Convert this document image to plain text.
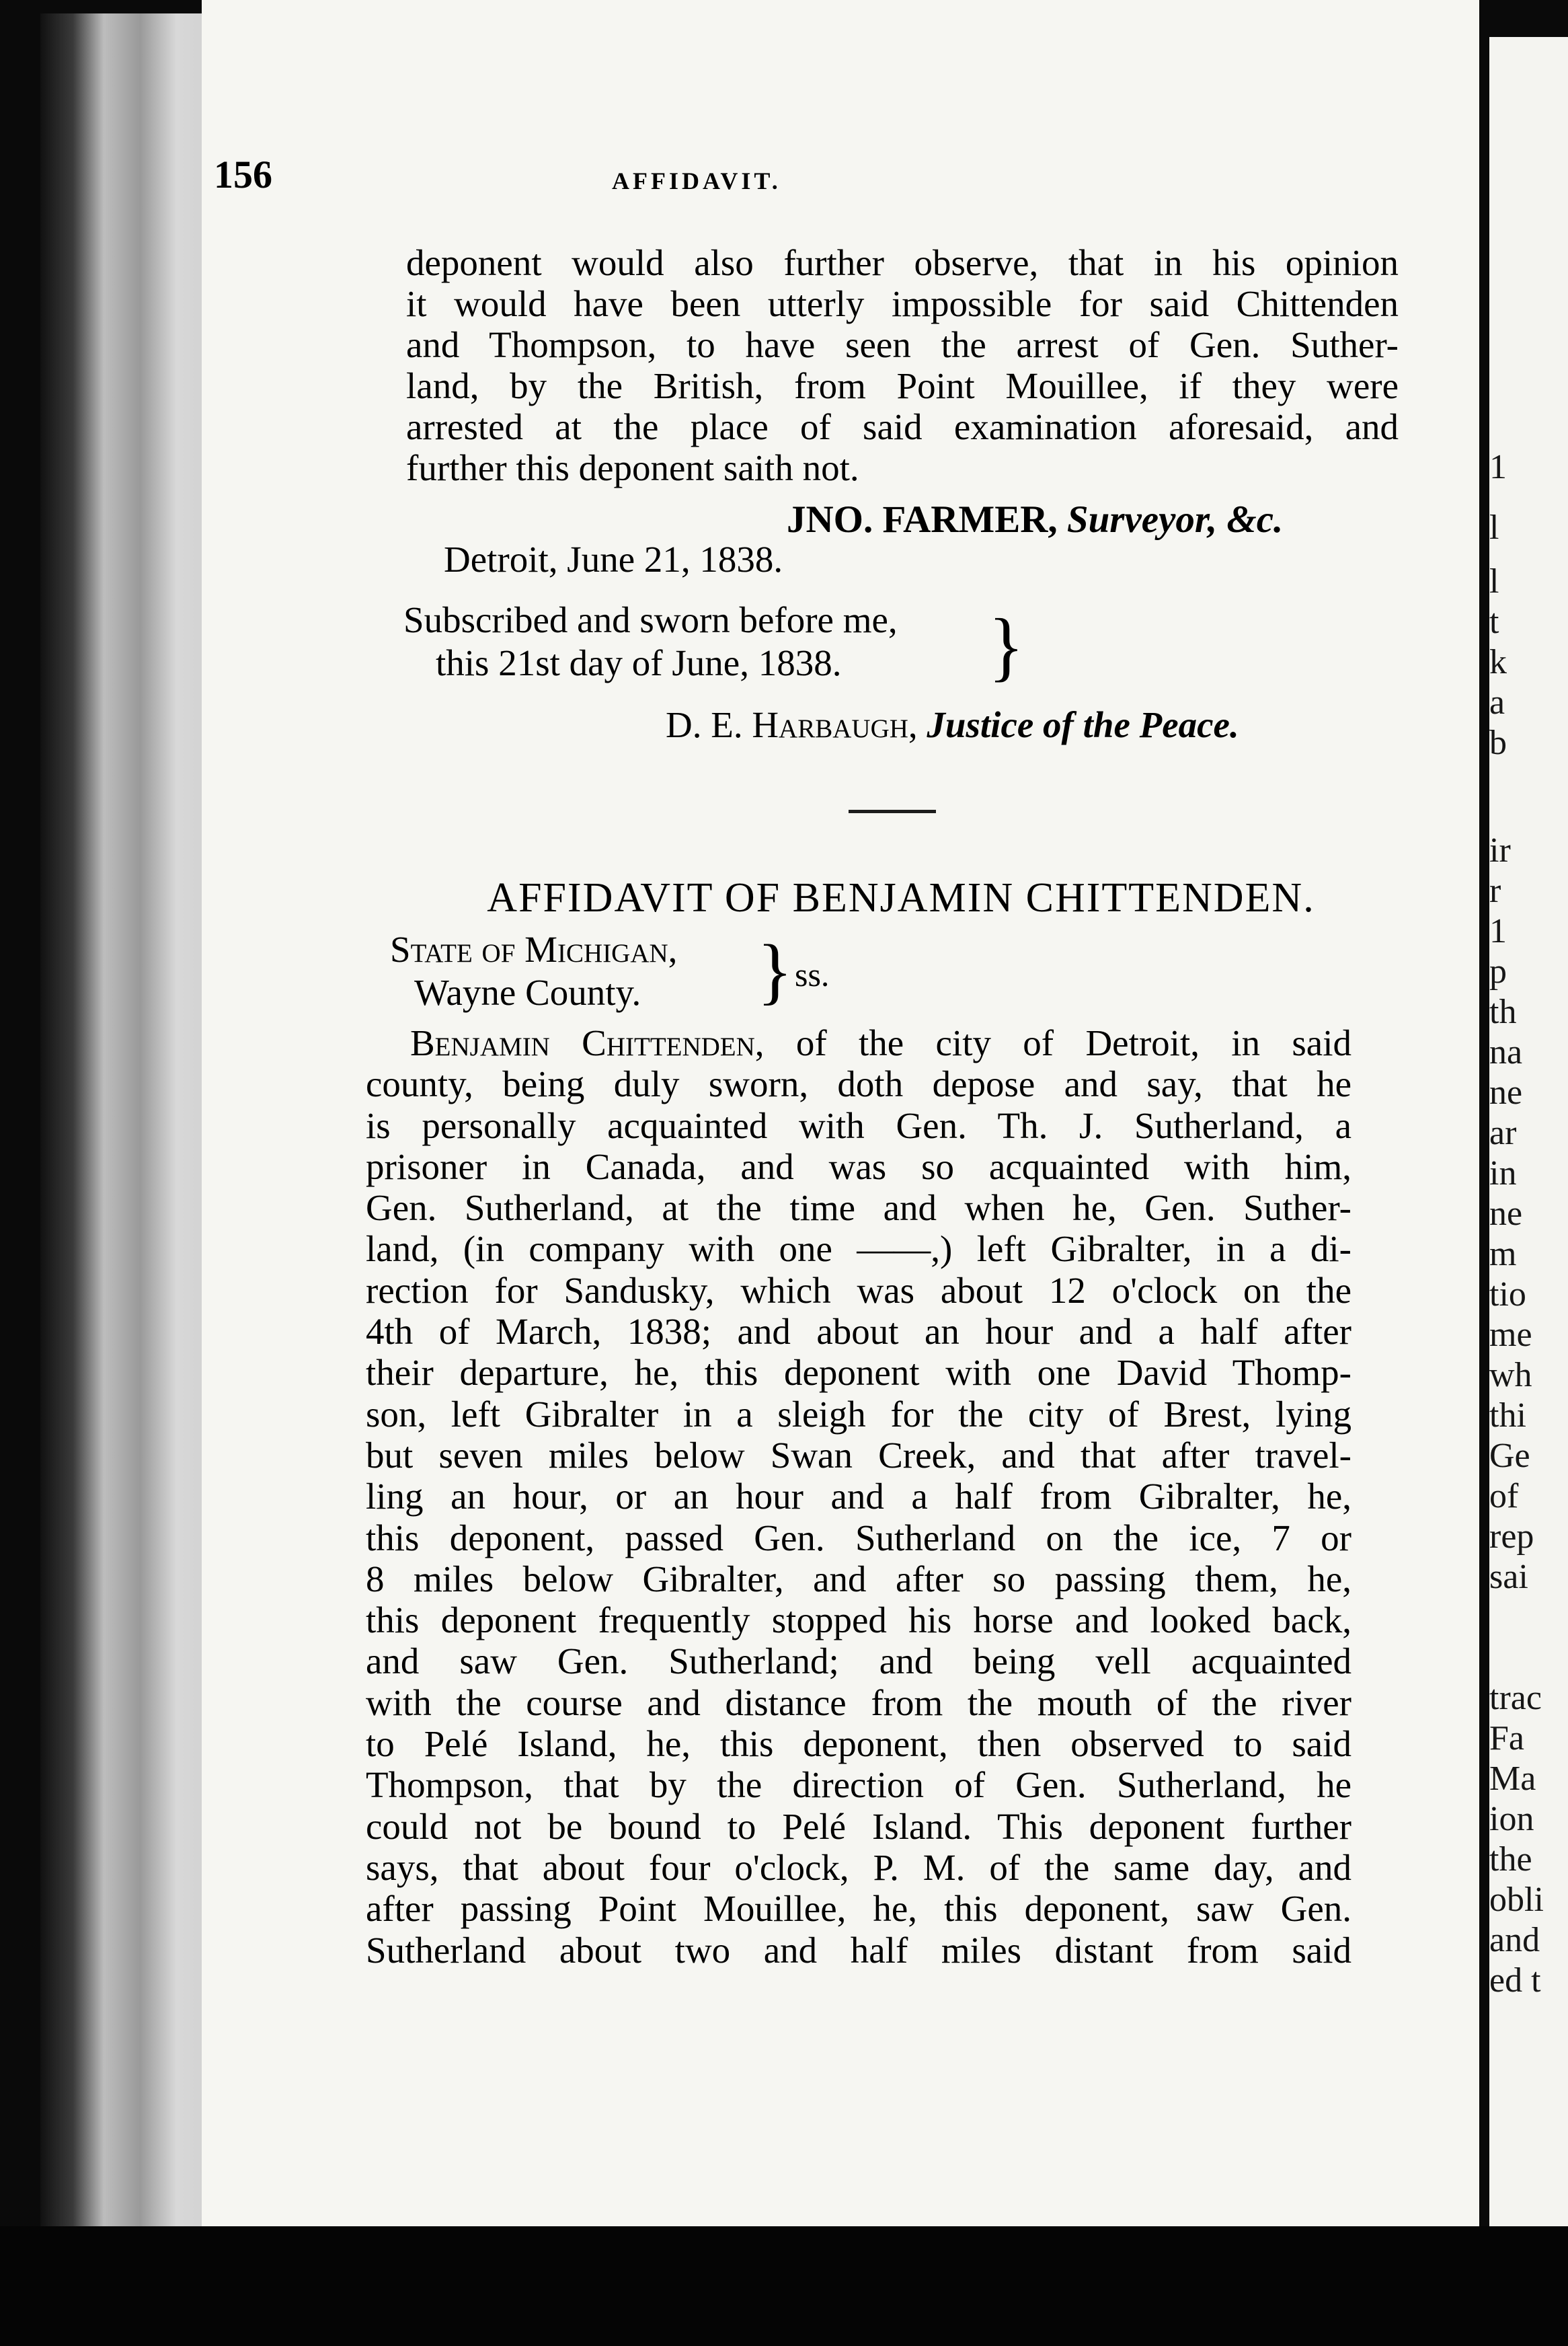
156	AFFIDAVIT.
deponent would also further observe, that in his opinion
it would have been utterly impossible for said Chittenden
and Thompson, to have seen the arrest of Gen. Suther-
land, by the British, from Point Mouillee, if they were
arrested at the place of said examination aforesaid, and
further this deponent saith not.
JNO. FARMER, Surveyor, &c.
Detroit, June 21, 1838.
Subscribed and sworn before me,
this 21st day of June, 1838.	}
D. E. Harbaugh, Justice of the Peace.
AFFIDAVIT OF BENJAMIN CHITTENDEN.
State of Michigan,
Wayne County.	} ss.
Benjamin Chittenden, of the city of Detroit, in said
county, being duly sworn, doth depose and say, that he
is personally acquainted with Gen. Th. J. Sutherland, a
prisoner in Canada, and was so acquainted with him,
Gen. Sutherland, at the time and when he, Gen. Suther-
land, (in company with one ——,) left Gibralter, in a di-
rection for Sandusky, which was about 12 o'clock on the
4th of March, 1838; and about an hour and a half after
their departure, he, this deponent with one David Thomp-
son, left Gibralter in a sleigh for the city of Brest, lying
but seven miles below Swan Creek, and that after travel-
ling an hour, or an hour and a half from Gibralter, he,
this deponent, passed Gen. Sutherland on the ice, 7 or
8 miles below Gibralter, and after so passing them, he,
this deponent frequently stopped his horse and looked back,
and saw Gen. Sutherland; and being vell acquainted
with the course and distance from the mouth of the river
to Pelé Island, he, this deponent, then observed to said
Thompson, that by the direction of Gen. Sutherland, he
could not be bound to Pelé Island. This deponent further
says, that about four o'clock, P. M. of the same day, and
after passing Point Mouillee, he, this deponent, saw Gen.
Sutherland about two and half miles distant from said
1
l
l
t
k
a
b
ir
r
1
p
th
na
ne
ar
in
ne
m
tio
me
wh
thi
Ge
of
rep
sai
trac
Fa
Ma
ion
the
obli
and
ed t
